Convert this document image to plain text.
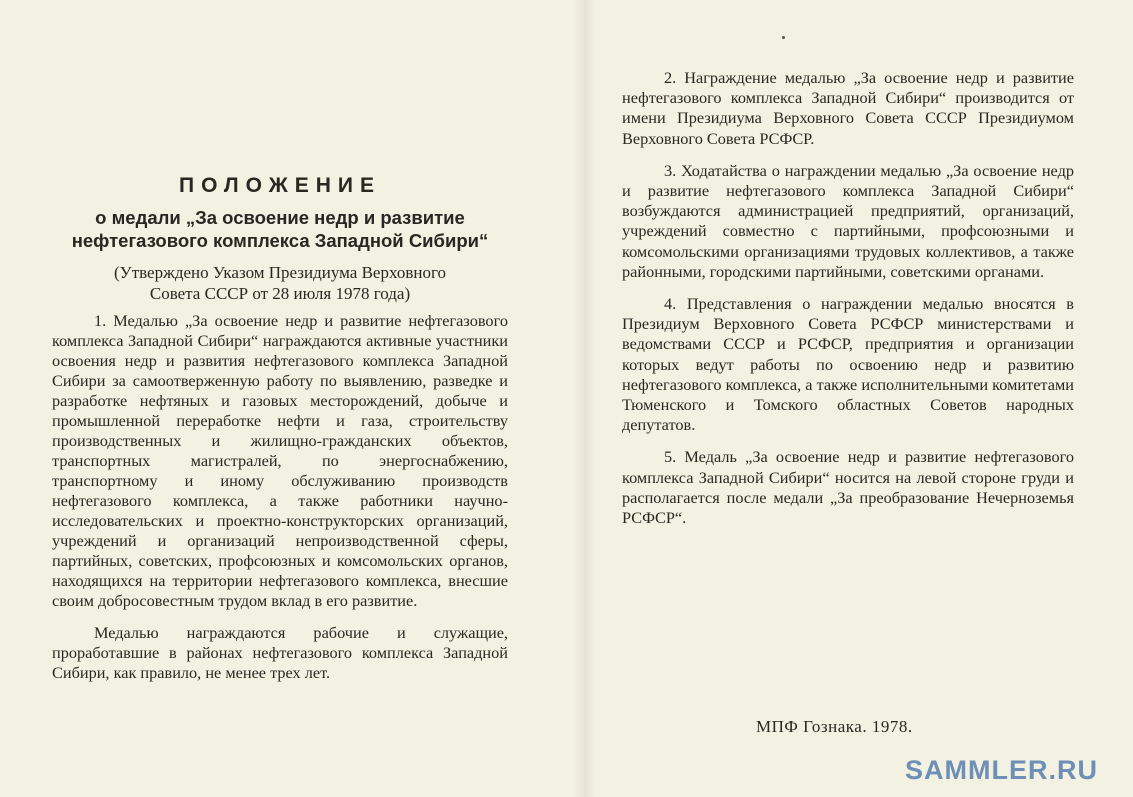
ПОЛОЖЕНИЕ
о медали „За освоение недр и развитие
нефтегазового комплекса Западной Сибири“
(Утверждено Указом Президиума Верховного
Совета СССР от 28 июля 1978 года)

1. Медалью „За освоение недр и развитие нефтегазового комплекса Западной Сибири“ награждаются активные участники освоения недр и развития нефтегазового комплекса Западной Сибири за самоотверженную работу по выявлению, разведке и разработке нефтяных и газовых месторождений, добыче и промышленной переработке нефти и газа, строительству производственных и жилищно-гражданских объектов, транспортных магистралей, по энергоснабжению, транспортному и иному обслуживанию производств нефтегазового комплекса, а также работники научно-исследовательских и проектно-конструкторских организаций, учреждений и организаций непроизводственной сферы, партийных, советских, профсоюзных и комсомольских органов, находящихся на территории нефтегазового комплекса, внесшие своим добросовестным трудом вклад в его развитие.

Медалью награждаются рабочие и служащие, проработавшие в районах нефтегазового комплекса Западной Сибири, как правило, не менее трех лет.

2. Награждение медалью „За освоение недр и развитие нефтегазового комплекса Западной Сибири“ производится от имени Президиума Верховного Совета СССР Президиумом Верховного Совета РСФСР.

3. Ходатайства о награждении медалью „За освоение недр и развитие нефтегазового комплекса Западной Сибири“ возбуждаются администрацией предприятий, организаций, учреждений совместно с партийными, профсоюзными и комсомольскими организациями трудовых коллективов, а также районными, городскими партийными, советскими органами.

4. Представления о награждении медалью вносятся в Президиум Верховного Совета РСФСР министерствами и ведомствами СССР и РСФСР, предприятия и организации которых ведут работы по освоению недр и развитию нефтегазового комплекса, а также исполнительными комитетами Тюменского и Томского областных Советов народных депутатов.

5. Медаль „За освоение недр и развитие нефтегазового комплекса Западной Сибири“ носится на левой стороне груди и располагается после медали „За преобразование Нечерноземья РСФСР“.

МПФ Гознака. 1978.
SAMMLER.RU
